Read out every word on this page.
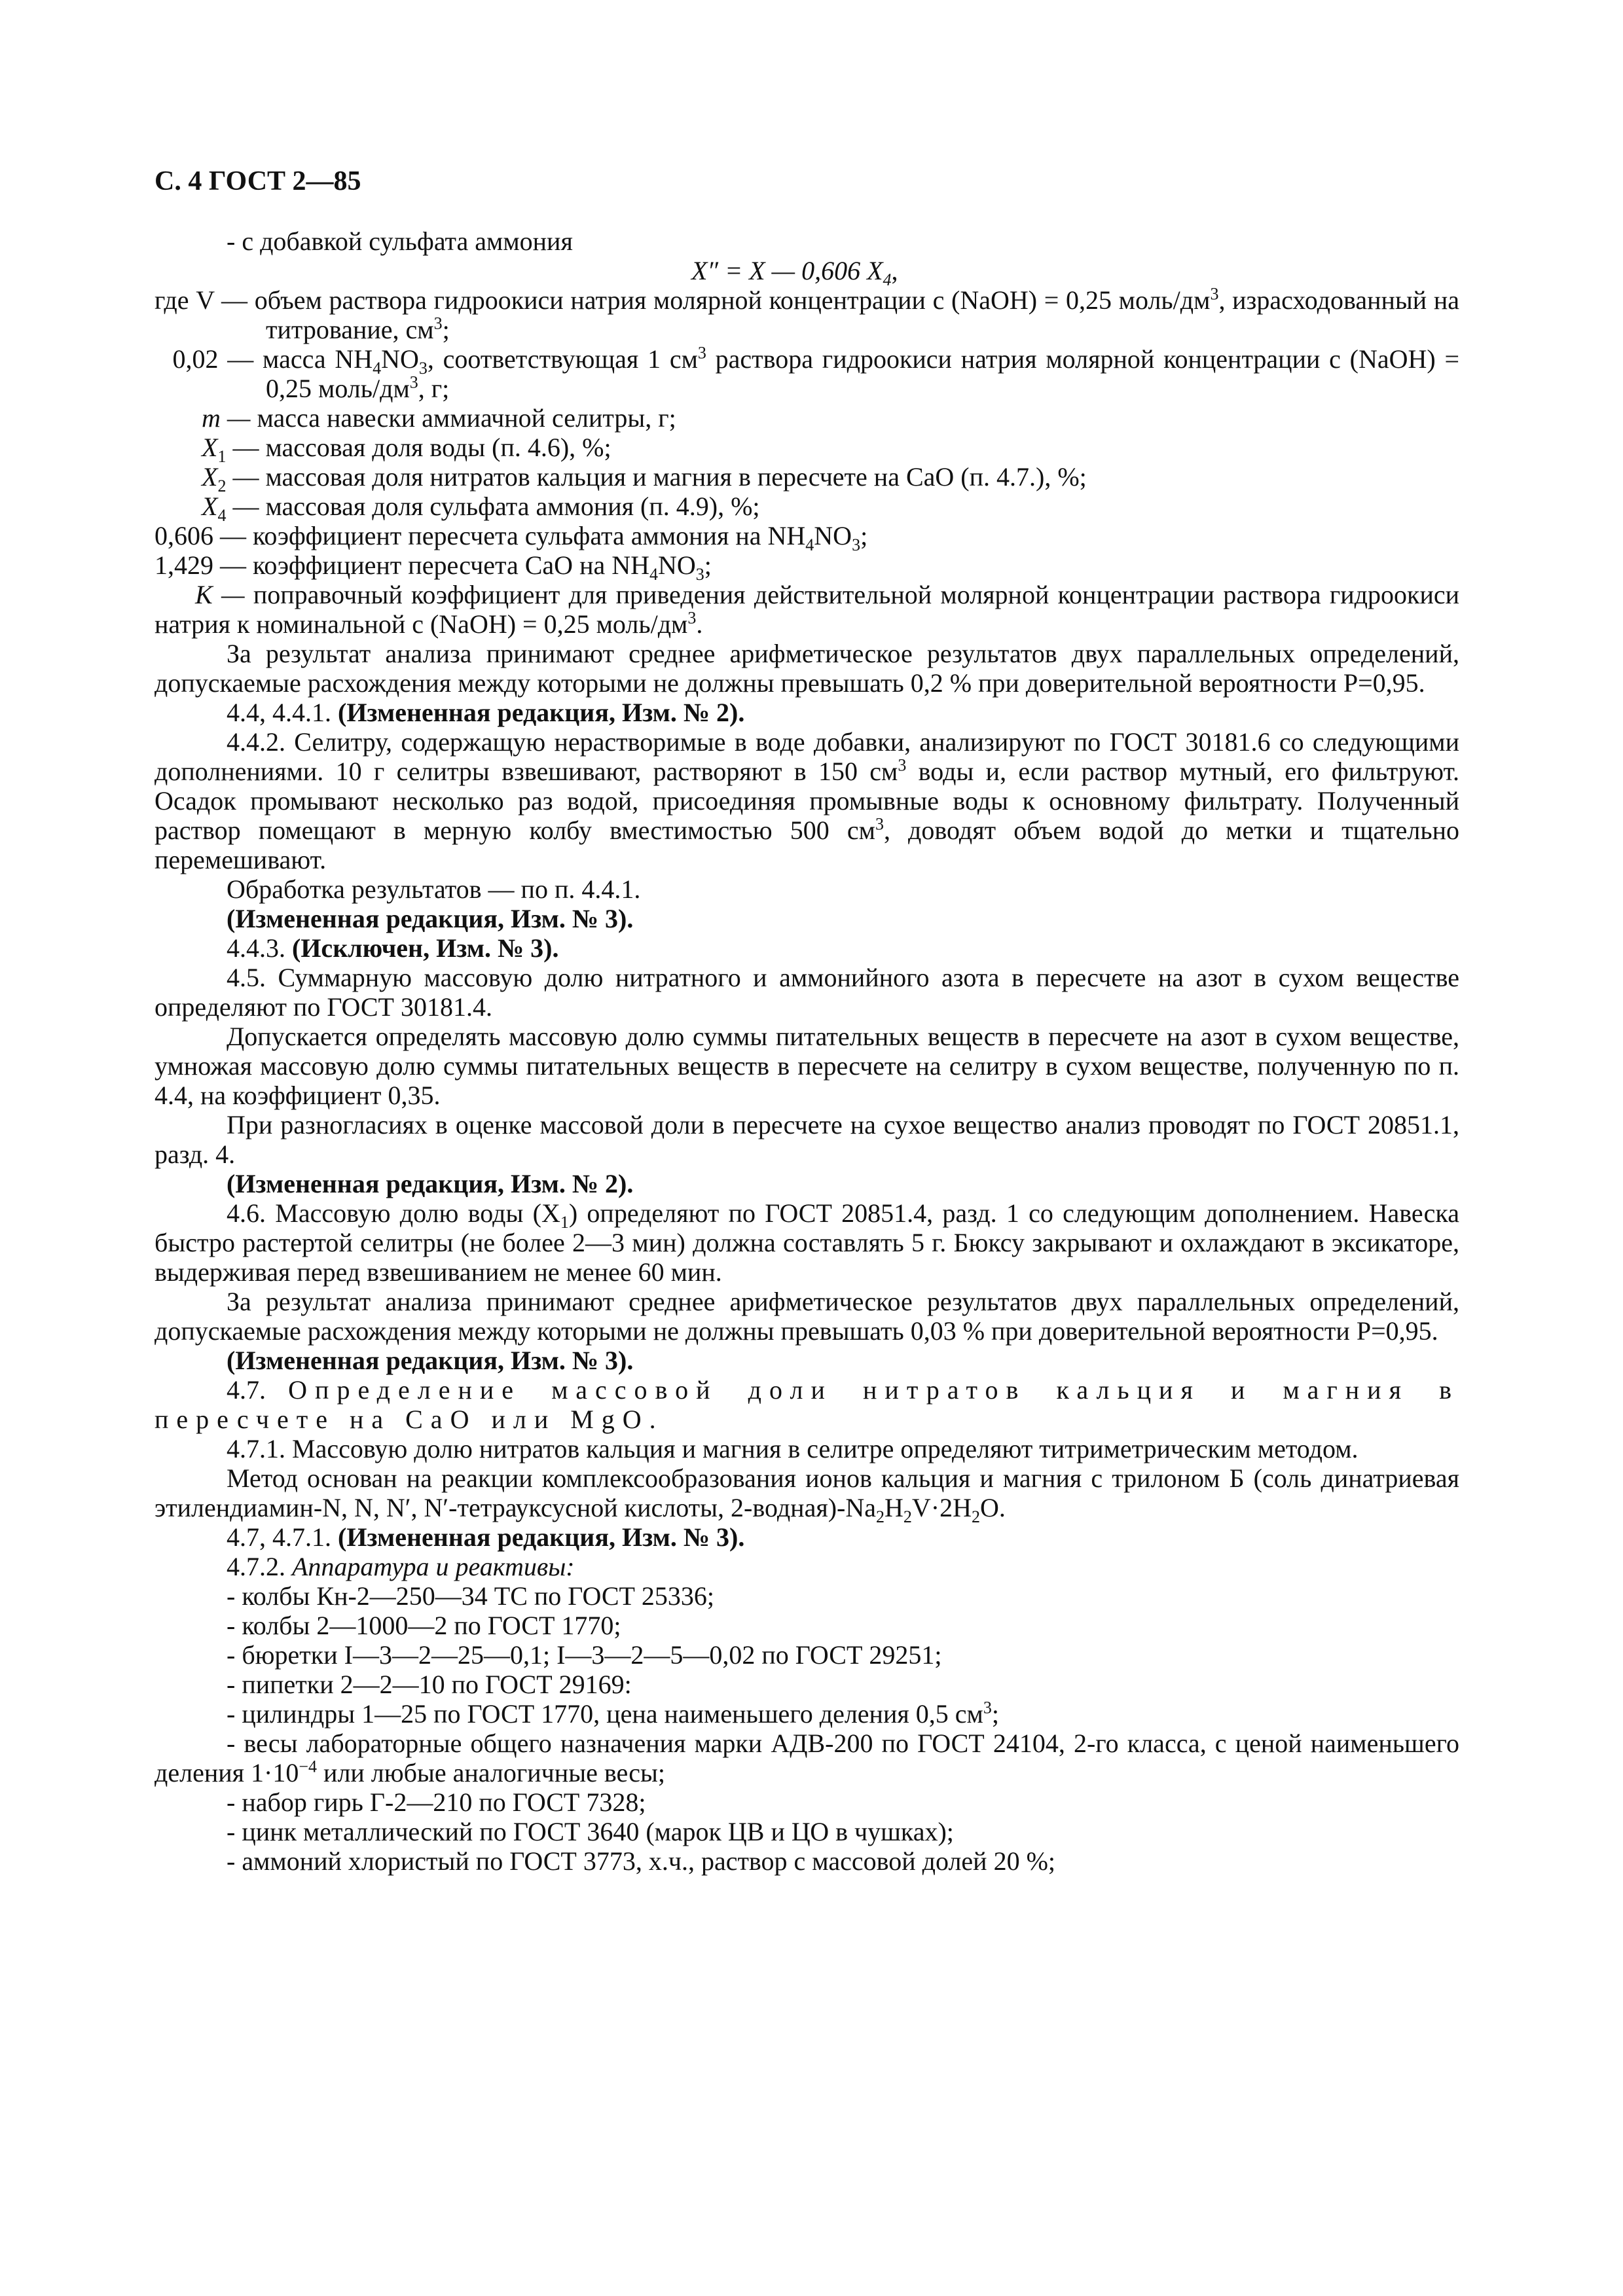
С. 4 ГОСТ 2—85

- с добавкой сульфата аммония

X″ = X — 0,606 $X_4$,

где V — объем раствора гидроокиси натрия молярной концентрации с (NaOH) = 0,25 моль/$дм^3$, израсходованный на титрование, $см^3$;

0,02 — масса $NH_4NO_3$, соответствующая 1 $см^3$ раствора гидроокиси натрия молярной концентрации с (NaOH) = 0,25 моль/$дм^3$, г;

m — масса навески аммиачной селитры, г;

$X_1$ — массовая доля воды (п. 4.6), %;

$X_2$ — массовая доля нитратов кальция и магния в пересчете на CaO (п. 4.7.), %;

$X_4$ — массовая доля сульфата аммония (п. 4.9), %;

0,606 — коэффициент пересчета сульфата аммония на $NH_4NO_3$;

1,429 — коэффициент пересчета CaO на $NH_4NO_3$;

K — поправочный коэффициент для приведения действительной молярной концентрации раствора гидроокиси натрия к номинальной с (NaOH) = 0,25 моль/$дм^3$.

За результат анализа принимают среднее арифметическое результатов двух параллельных определений, допускаемые расхождения между которыми не должны превышать 0,2 % при доверительной вероятности P=0,95.

4.4, 4.4.1. (Измененная редакция, Изм. № 2).

4.4.2. Селитру, содержащую нерастворимые в воде добавки, анализируют по ГОСТ 30181.6 со следующими дополнениями. 10 г селитры взвешивают, растворяют в 150 $см^3$ воды и, если раствор мутный, его фильтруют. Осадок промывают несколько раз водой, присоединяя промывные воды к основному фильтрату. Полученный раствор помещают в мерную колбу вместимостью 500 $см^3$, доводят объем водой до метки и тщательно перемешивают.

Обработка результатов — по п. 4.4.1.

(Измененная редакция, Изм. № 3).

4.4.3. (Исключен, Изм. № 3).

4.5. Суммарную массовую долю нитратного и аммонийного азота в пересчете на азот в сухом веществе определяют по ГОСТ 30181.4.

Допускается определять массовую долю суммы питательных веществ в пересчете на азот в сухом веществе, умножая массовую долю суммы питательных веществ в пересчете на селитру в сухом веществе, полученную по п. 4.4, на коэффициент 0,35.

При разногласиях в оценке массовой доли в пересчете на сухое вещество анализ проводят по ГОСТ 20851.1, разд. 4.

(Измененная редакция, Изм. № 2).

4.6. Массовую долю воды $(X_1)$ определяют по ГОСТ 20851.4, разд. 1 со следующим дополнением. Навеска быстро растертой селитры (не более 2—3 мин) должна составлять 5 г. Бюксу закрывают и охлаждают в эксикаторе, выдерживая перед взвешиванием не менее 60 мин.

За результат анализа принимают среднее арифметическое результатов двух параллельных определений, допускаемые расхождения между которыми не должны превышать 0,03 % при доверительной вероятности P=0,95.

(Измененная редакция, Изм. № 3).

4.7. Определение массовой доли нитратов кальция и магния в пересчете на CaO или MgO.

4.7.1. Массовую долю нитратов кальция и магния в селитре определяют титриметрическим методом.

Метод основан на реакции комплексообразования ионов кальция и магния с трилоном Б (соль динатриевая этилендиамин-N, N, N′, N′-тетрауксусной кислоты, $2-водная)-Na_2H_2V\cdot 2H_2O$.

4.7, 4.7.1. (Измененная редакция, Изм. № 3).

4.7.2. Аппаратура и реактивы:

- колбы Кн-2—250—34 ТС по ГОСТ 25336;

- колбы 2—1000—2 по ГОСТ 1770;

- бюретки I—3—2—25—0,1; I—3—2—5—0,02 по ГОСТ 29251;

- пипетки 2—2—10 по ГОСТ 29169:

- цилиндры 1—25 по ГОСТ 1770, цена наименьшего деления 0,5 $см^3$;

- весы лабораторные общего назначения марки АДВ-200 по ГОСТ 24104, 2-го класса, с ценой наименьшего деления $1\cdot 10^{-4}$ или любые аналогичные весы;

- набор гирь Г-2—210 по ГОСТ 7328;

- цинк металлический по ГОСТ 3640 (марок ЦВ и ЦО в чушках);

- аммоний хлористый по ГОСТ 3773, х.ч., раствор с массовой долей 20 %;
